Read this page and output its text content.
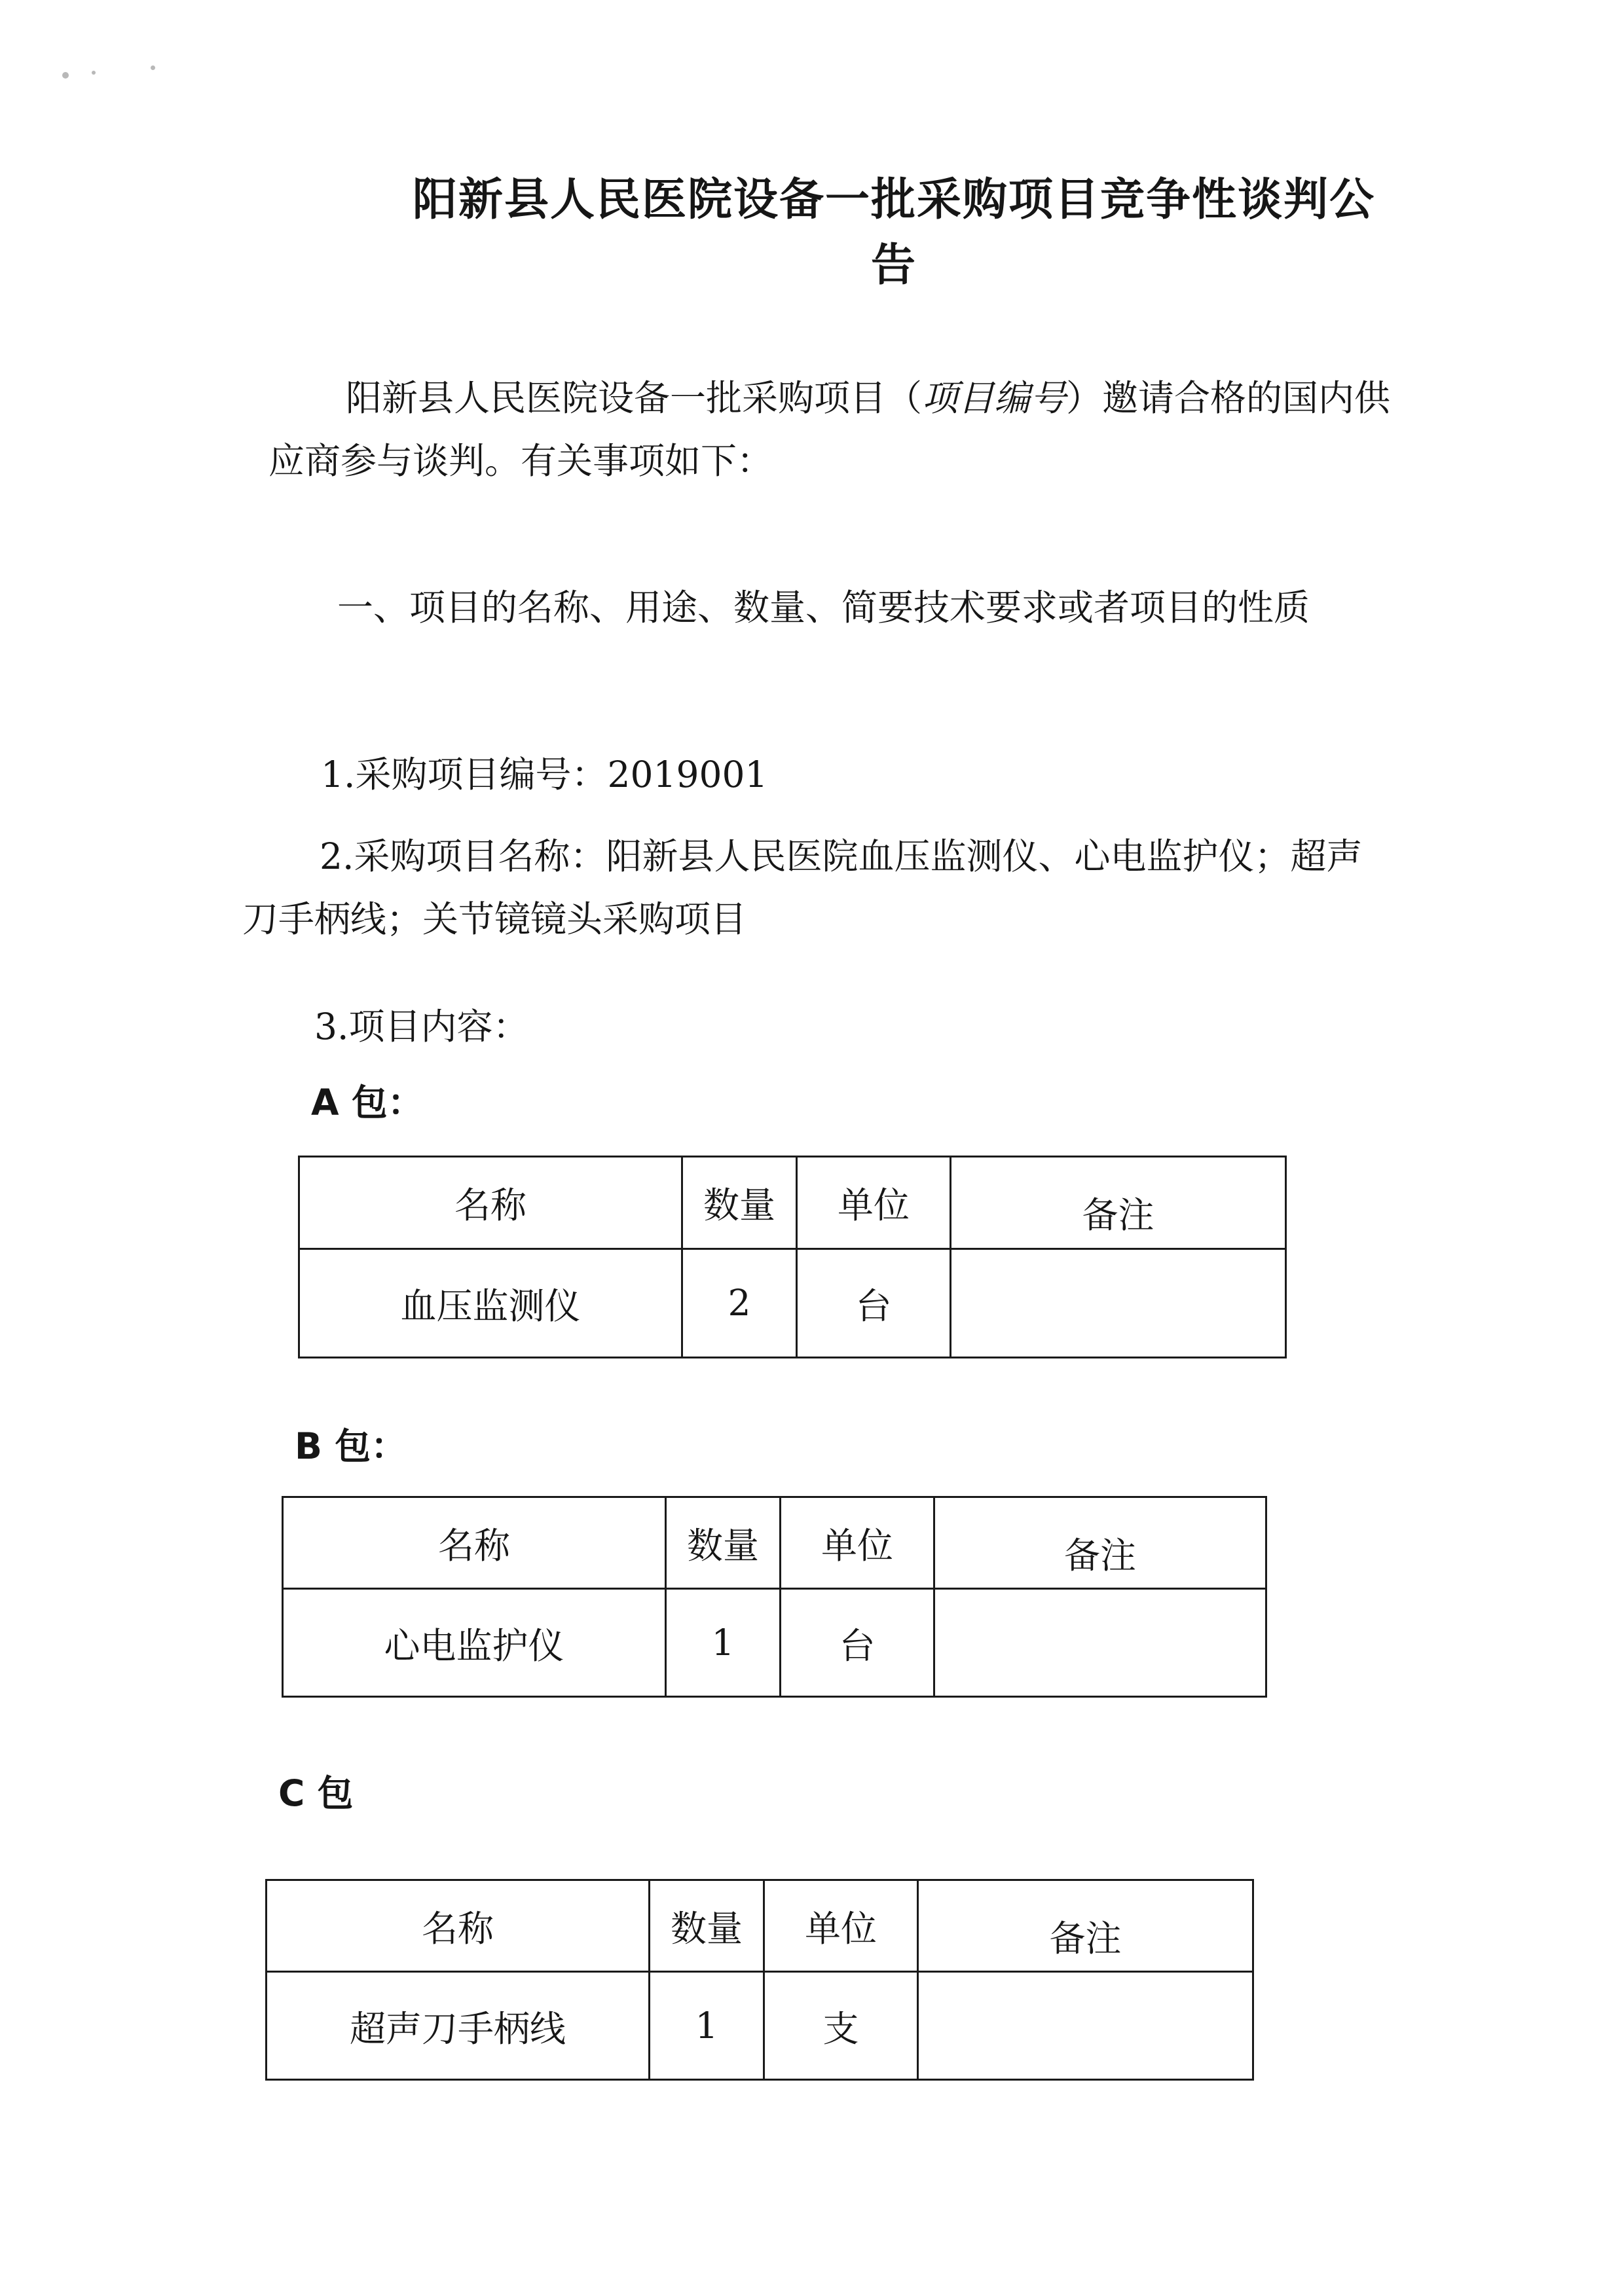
阳新县人民医院设备一批采购项目竞争性谈判公告
阳新县人民医院设备一批采购项目（项目编号）邀请合格的国内供应商参与谈判。有关事项如下：
一、项目的名称、用途、数量、简要技术要求或者项目的性质
1.采购项目编号：2019001
2.采购项目名称：阳新县人民医院血压监测仪、心电监护仪；超声刀手柄线；关节镜镜头采购项目
3.项目内容：
A 包：
名称	数量	单位	备注
血压监测仪	2	台	
B 包：
名称	数量	单位	备注
心电监护仪	1	台	
C 包
名称	数量	单位	备注
超声刀手柄线	1	支	
